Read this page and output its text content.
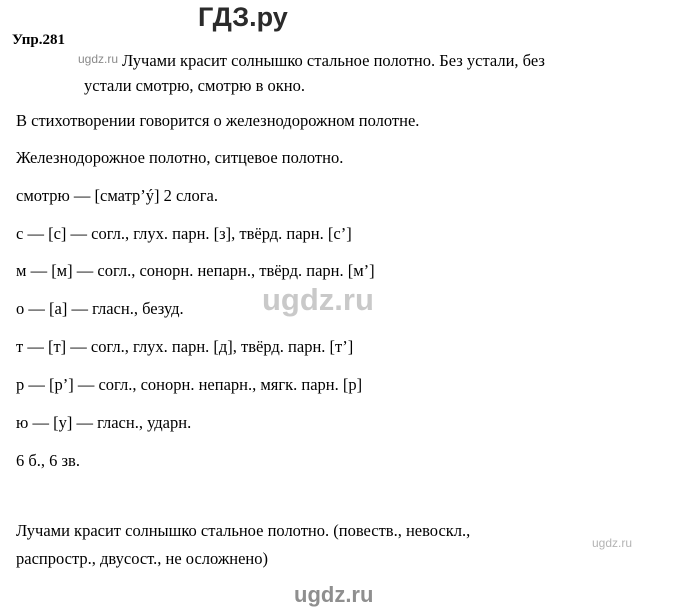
ГДЗ.ру
Упр.281
ugdz.ru Лучами красит солнышко стальное полотно. Без устали, без
устали смотрю, смотрю в окно.
В стихотворении говорится о железнодорожном полотне.
Железнодорожное полотно, ситцевое полотно.
смотрю — [сматр’ý] 2 слога.
с — [с] — согл., глух. парн. [з], твёрд. парн. [с’]
м — [м] — согл., сонорн. непарн., твёрд. парн. [м’]
о — [а] — гласн., безуд.
т — [т] — согл., глух. парн. [д], твёрд. парн. [т’]
р — [р’] — согл., сонорн. непарн., мягк. парн. [р]
ю — [у] — гласн., ударн.
6 б., 6 зв.
ugdz.ru
Лучами красит солнышко стальное полотно. (повеств., невоскл.,
распростр., двусост., не осложнено)
ugdz.ru
ugdz.ru
